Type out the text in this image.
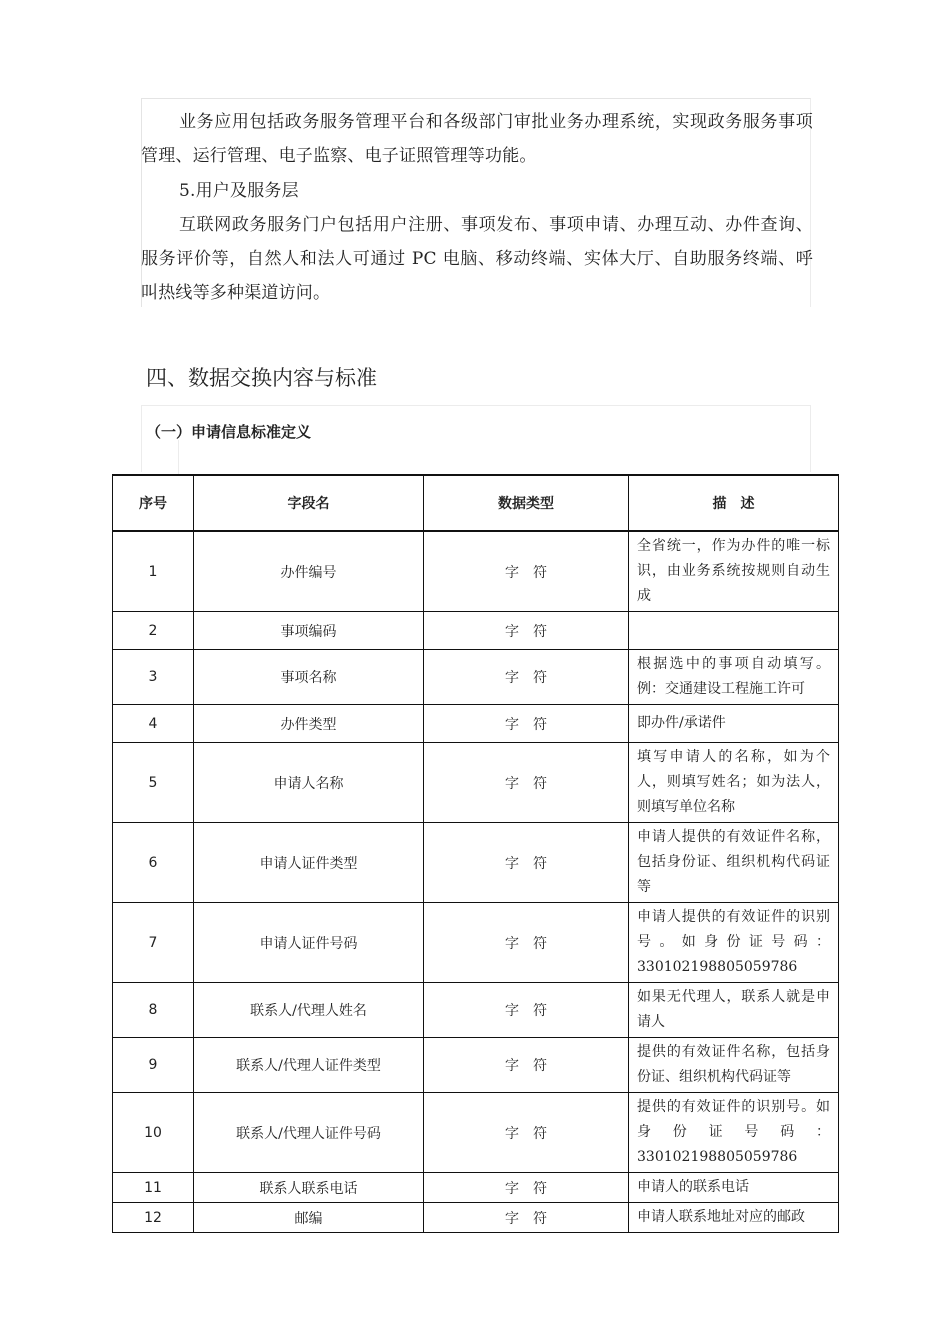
业务应用包括政务服务管理平台和各级部门审批业务办理系统，实现政务服务事项管理、运行管理、电子监察、电子证照管理等功能。
5.用户及服务层
互联网政务服务门户包括用户注册、事项发布、事项申请、办理互动、办件查询、服务评价等，自然人和法人可通过 PC 电脑、移动终端、实体大厅、自助服务终端、呼叫热线等多种渠道访问。
四、数据交换内容与标准
（一）申请信息标准定义
序号	字段名	数据类型	描　述
1	办件编号	字　符	全省统一，作为办件的唯一标识，由业务系统按规则自动生成
2	事项编码	字　符	
3	事项名称	字　符	根据选中的事项自动填写。例：交通建设工程施工许可
4	办件类型	字　符	即办件/承诺件
5	申请人名称	字　符	填写申请人的名称，如为个人，则填写姓名；如为法人，则填写单位名称
6	申请人证件类型	字　符	申请人提供的有效证件名称，包括身份证、组织机构代码证等
7	申请人证件号码	字　符	申请人提供的有效证件的识别号。如身份证号码：330102198805059786
8	联系人/代理人姓名	字　符	如果无代理人，联系人就是申请人
9	联系人/代理人证件类型	字　符	提供的有效证件名称，包括身份证、组织机构代码证等
10	联系人/代理人证件号码	字　符	提供的有效证件的识别号。如身份证号码：330102198805059786
11	联系人联系电话	字　符	申请人的联系电话
12	邮编	字　符	申请人联系地址对应的邮政
